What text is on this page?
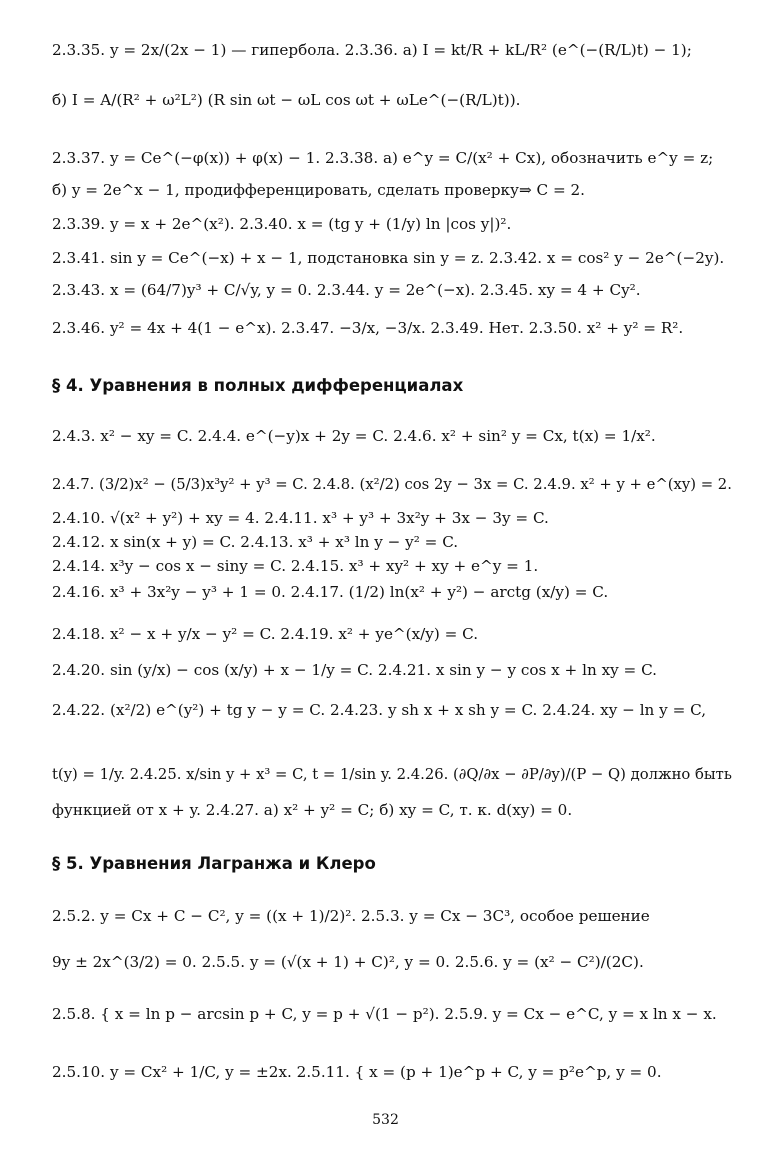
2.3.35. y = 2x/(2x − 1) — гипербола. 2.3.36. а) I = kt/R + kL/R² (e^(−(R/L)t) − 1);
б) I = A/(R² + ω²L²) (R sin ωt − ωL cos ωt + ωLe^(−(R/L)t)).
2.3.37. y = Ce^(−φ(x)) + φ(x) − 1. 2.3.38. а) e^y = C/(x² + Cx), обозначить e^y = z;
б) y = 2e^x − 1, продифференцировать, сделать проверку⇒ C = 2.
2.3.39. y = x + 2e^(x²). 2.3.40. x = (tg y + (1/y) ln |cos y|)².
2.3.41. sin y = Ce^(−x) + x − 1, подстановка sin y = z. 2.3.42. x = cos² y − 2e^(−2y).
2.3.43. x = (64/7)y³ + C/√y, y = 0. 2.3.44. y = 2e^(−x). 2.3.45. xy = 4 + Cy².
2.3.46. y² = 4x + 4(1 − e^x). 2.3.47. −3/x, −3/x. 2.3.49. Нет. 2.3.50. x² + y² = R².
§ 4. Уравнения в полных дифференциалах
2.4.3. x² − xy = C. 2.4.4. e^(−y)x + 2y = C. 2.4.6. x² + sin² y = Cx, t(x) = 1/x².
2.4.7. (3/2)x² − (5/3)x³y² + y³ = C. 2.4.8. (x²/2) cos 2y − 3x = C. 2.4.9. x² + y + e^(xy) = 2.
2.4.10. √(x² + y²) + xy = 4. 2.4.11. x³ + y³ + 3x²y + 3x − 3y = C.
2.4.12. x sin(x + y) = C. 2.4.13. x³ + x³ ln y − y² = C.
2.4.14. x³y − cos x − siny = C. 2.4.15. x³ + xy² + xy + e^y = 1.
2.4.16. x³ + 3x²y − y³ + 1 = 0. 2.4.17. (1/2) ln(x² + y²) − arctg (x/y) = C.
2.4.18. x² − x + y/x − y² = C. 2.4.19. x² + ye^(x/y) = C.
2.4.20. sin (y/x) − cos (x/y) + x − 1/y = C. 2.4.21. x sin y − y cos x + ln xy = C.
2.4.22. (x²/2) e^(y²) + tg y − y = C. 2.4.23. y sh x + x sh y = C. 2.4.24. xy − ln y = C,
t(y) = 1/y. 2.4.25. x/sin y + x³ = C, t = 1/sin y. 2.4.26. (∂Q/∂x − ∂P/∂y)/(P − Q) должно быть
функцией от x + y. 2.4.27. а) x² + y² = C; б) xy = C, т. к. d(xy) = 0.
§ 5. Уравнения Лагранжа и Клеро
2.5.2. y = Cx + C − C², y = ((x + 1)/2)². 2.5.3. y = Cx − 3C³, особое решение
9y ± 2x^(3/2) = 0. 2.5.5. y = (√(x + 1) + C)², y = 0. 2.5.6. y = (x² − C²)/(2C).
2.5.8. { x = ln p − arcsin p + C, y = p + √(1 − p²). 2.5.9. y = Cx − e^C, y = x ln x − x.
2.5.10. y = Cx² + 1/C, y = ±2x. 2.5.11. { x = (p + 1)e^p + C, y = p²e^p, y = 0.
532
